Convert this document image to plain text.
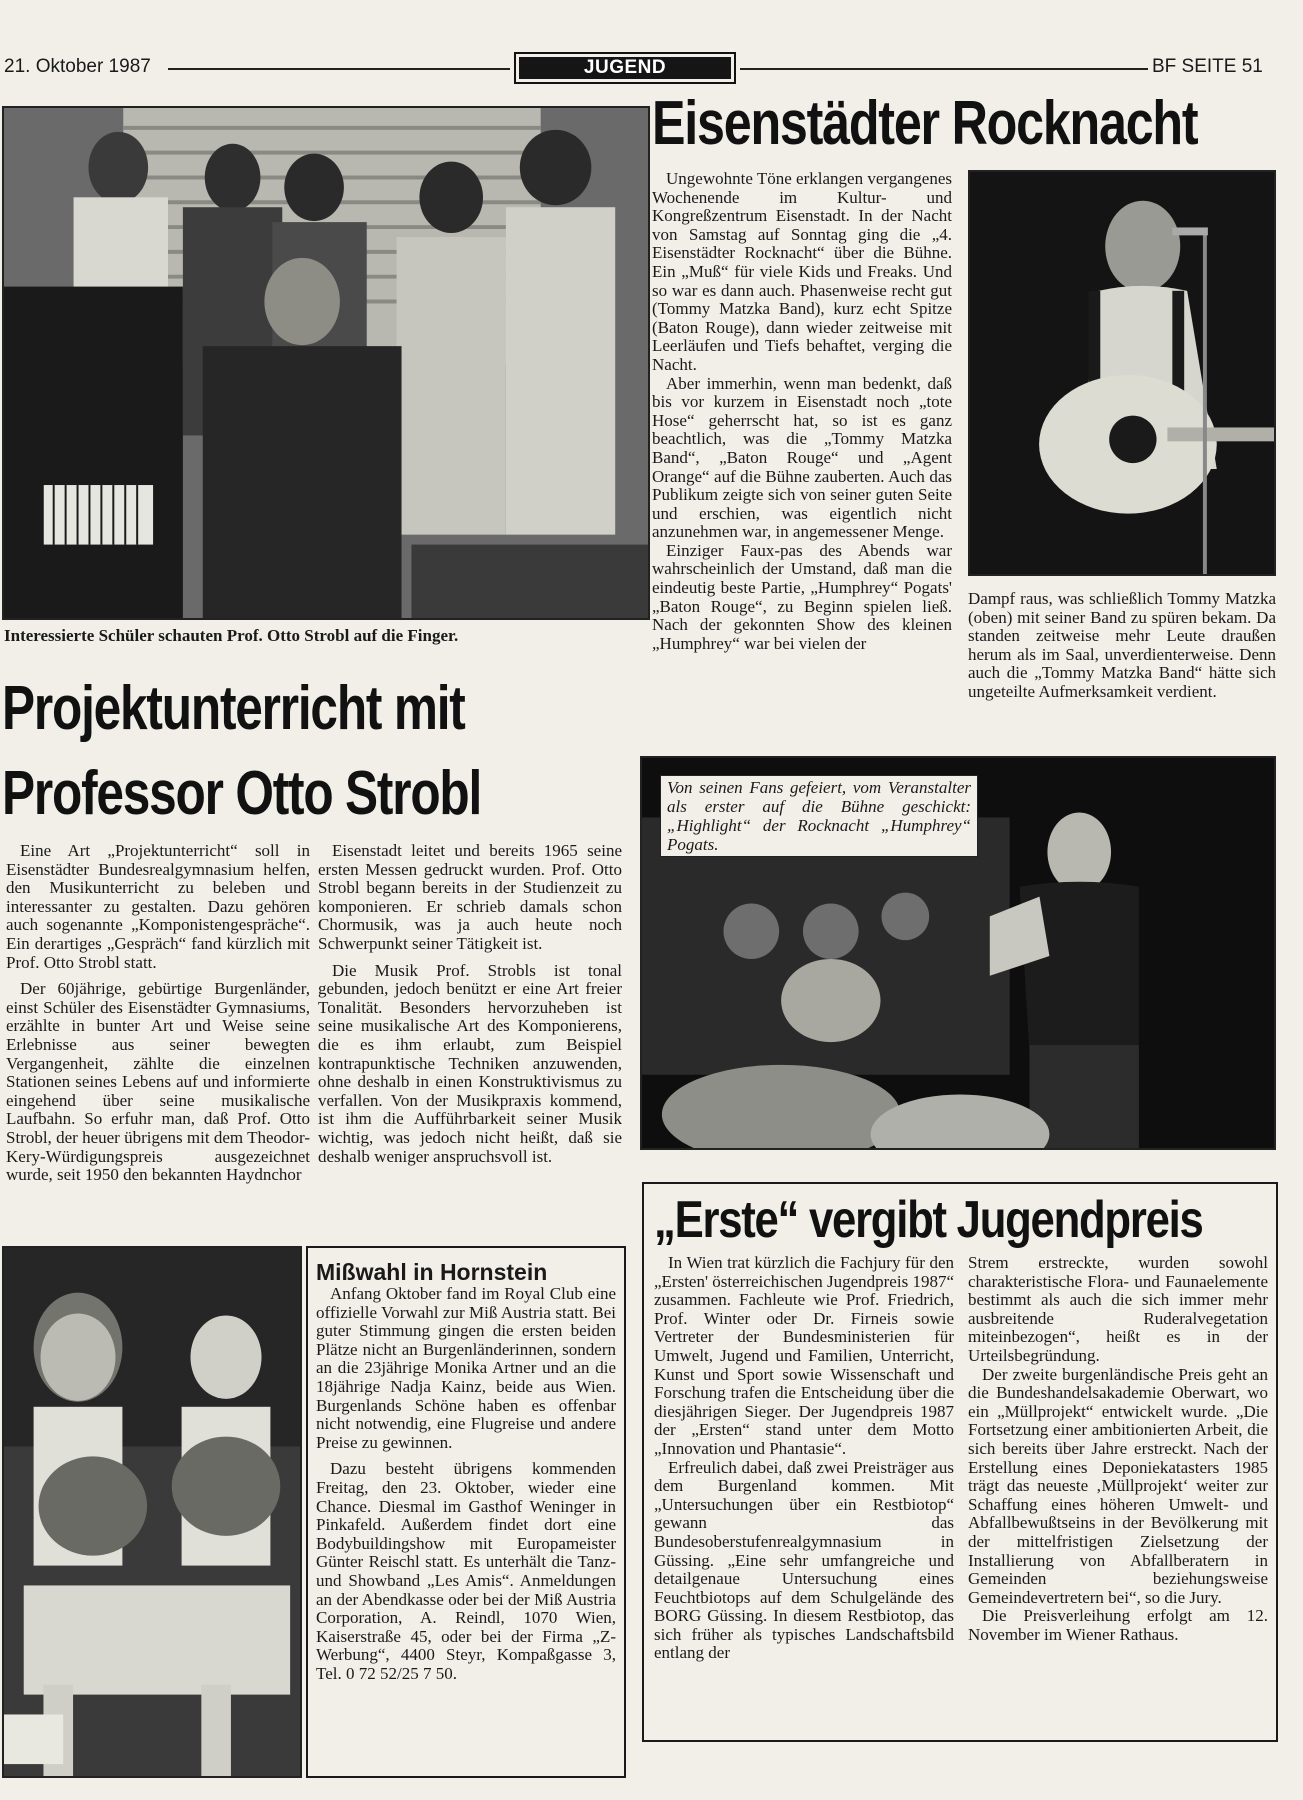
21. Oktober 1987	JUGEND	BF SEITE 51
Interessierte Schüler schauten Prof. Otto Strobl auf die Finger.
Projektunterricht mit
Professor Otto Strobl

Eine Art „Projektunterricht“ soll in Eisenstädter Bundesrealgymnasium helfen, den Musikunterricht zu beleben und interessanter zu gestalten. Dazu gehören auch sogenannte „Komponistengespräche“. Ein derartiges „Gespräch“ fand kürzlich mit Prof. Otto Strobl statt.

Der 60jährige, gebürtige Burgenländer, einst Schüler des Eisenstädter Gymnasiums, erzählte in bunter Art und Weise seine Erlebnisse aus seiner bewegten Vergangenheit, zählte die einzelnen Stationen seines Lebens auf und informierte eingehend über seine musikalische Laufbahn. So erfuhr man, daß Prof. Otto Strobl, der heuer übrigens mit dem Theodor-Kery-Würdigungspreis ausgezeichnet wurde, seit 1950 den bekannten Haydnchor

Eisenstadt leitet und bereits 1965 seine ersten Messen gedruckt wurden. Prof. Otto Strobl begann bereits in der Studienzeit zu komponieren. Er schrieb damals schon Chormusik, was ja auch heute noch Schwerpunkt seiner Tätigkeit ist.

Die Musik Prof. Strobls ist tonal gebunden, jedoch benützt er eine Art freier Tonalität. Besonders hervorzuheben ist seine musikalische Art des Komponierens, die es ihm erlaubt, zum Beispiel kontrapunktische Techniken anzuwenden, ohne deshalb in einen Konstruktivismus zu verfallen. Von der Musikpraxis kommend, ist ihm die Aufführbarkeit seiner Musik wichtig, was jedoch nicht heißt, daß sie deshalb weniger anspruchsvoll ist.

Eisenstädter Rocknacht

Ungewohnte Töne erklangen vergangenes Wochenende im Kultur- und Kongreßzentrum Eisenstadt. In der Nacht von Samstag auf Sonntag ging die „4. Eisenstädter Rocknacht“ über die Bühne. Ein „Muß“ für viele Kids und Freaks. Und so war es dann auch. Phasenweise recht gut (Tommy Matzka Band), kurz echt Spitze (Baton Rouge), dann wieder zeitweise mit Leerläufen und Tiefs behaftet, verging die Nacht.

Aber immerhin, wenn man bedenkt, daß bis vor kurzem in Eisenstadt noch „tote Hose“ geherrscht hat, so ist es ganz beachtlich, was die „Tommy Matzka Band“, „Baton Rouge“ und „Agent Orange“ auf die Bühne zauberten. Auch das Publikum zeigte sich von seiner guten Seite und erschien, was eigentlich nicht anzunehmen war, in angemessener Menge.

Einziger Faux-pas des Abends war wahrscheinlich der Umstand, daß man die eindeutig beste Partie, „Humphrey“ Pogats' „Baton Rouge“, zu Beginn spielen ließ. Nach der gekonnten Show des kleinen „Humphrey“ war bei vielen der

Dampf raus, was schließlich Tommy Matzka (oben) mit seiner Band zu spüren bekam. Da standen zeitweise mehr Leute draußen herum als im Saal, unverdienterweise. Denn auch die „Tommy Matzka Band“ hätte sich ungeteilte Aufmerksamkeit verdient.

Von seinen Fans gefeiert, vom Veranstalter als erster auf die Bühne geschickt: „Highlight“ der Rocknacht „Humphrey“ Pogats.
Mißwahl in Hornstein

Anfang Oktober fand im Royal Club eine offizielle Vorwahl zur Miß Austria statt. Bei guter Stimmung gingen die ersten beiden Plätze nicht an Burgenländerinnen, sondern an die 23jährige Monika Artner und an die 18jährige Nadja Kainz, beide aus Wien. Burgenlands Schöne haben es offenbar nicht notwendig, eine Flugreise und andere Preise zu gewinnen.

Dazu besteht übrigens kommenden Freitag, den 23. Oktober, wieder eine Chance. Diesmal im Gasthof Weninger in Pinkafeld. Außerdem findet dort eine Bodybuildingshow mit Europameister Günter Reischl statt. Es unterhält die Tanz- und Showband „Les Amis“. Anmeldungen an der Abendkasse oder bei der Miß Austria Corporation, A. Reindl, 1070 Wien, Kaiserstraße 45, oder bei der Firma „Z-Werbung“, 4400 Steyr, Kompaßgasse 3, Tel. 0 72 52/25 7 50.

„Erste“ vergibt Jugendpreis

In Wien trat kürzlich die Fachjury für den „Ersten' österreichischen Jugendpreis 1987“ zusammen. Fachleute wie Prof. Friedrich, Prof. Winter oder Dr. Firneis sowie Vertreter der Bundesministerien für Umwelt, Jugend und Familien, Unterricht, Kunst und Sport sowie Wissenschaft und Forschung trafen die Entscheidung über die diesjährigen Sieger. Der Jugendpreis 1987 der „Ersten“ stand unter dem Motto „Innovation und Phantasie“.

Erfreulich dabei, daß zwei Preisträger aus dem Burgenland kommen. Mit „Untersuchungen über ein Restbiotop“ gewann das Bundesoberstufenrealgymnasium in Güssing. „Eine sehr umfangreiche und detailgenaue Untersuchung eines Feuchtbiotops auf dem Schulgelände des BORG Güssing. In diesem Restbiotop, das sich früher als typisches Landschaftsbild entlang der

Strem erstreckte, wurden sowohl charakteristische Flora- und Faunaelemente bestimmt als auch die sich immer mehr ausbreitende Ruderalvegetation miteinbezogen“, heißt es in der Urteilsbegründung.

Der zweite burgenländische Preis geht an die Bundeshandelsakademie Oberwart, wo ein „Müllprojekt“ entwickelt wurde. „Die Fortsetzung einer ambitionierten Arbeit, die sich bereits über Jahre erstreckt. Nach der Erstellung eines Deponiekatasters 1985 trägt das neueste ‚Müllprojekt‘ weiter zur Schaffung eines höheren Umwelt- und Abfallbewußtseins in der Bevölkerung mit der mittelfristigen Zielsetzung der Installierung von Abfallberatern in Gemeinden beziehungsweise Gemeindevertretern bei“, so die Jury.

Die Preisverleihung erfolgt am 12. November im Wiener Rathaus.
